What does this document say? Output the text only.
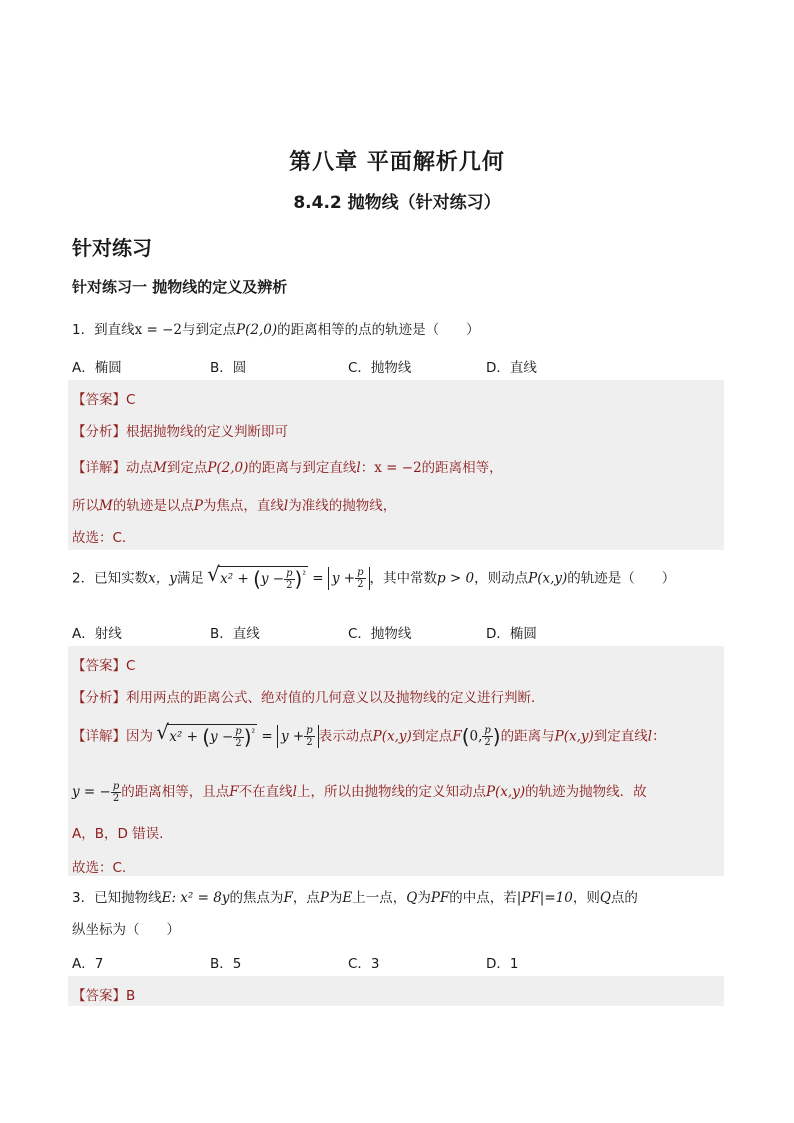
第八章 平面解析几何
8.4.2 抛物线（针对练习）
针对练习
针对练习一 抛物线的定义及辨析
1．到直线x = −2与到定点P(2,0)的距离相等的点的轨迹是（　　）
A．椭圆	B．圆	C．抛物线	D．直线
【答案】C
【分析】根据抛物线的定义判断即可
【详解】动点M到定点P(2,0)的距离与到定直线l：x = −2的距离相等，
所以M的轨迹是以点P为焦点，直线l为准线的抛物线，
故选：C．
2．已知实数x，y满足 √ $x^2 + (y - \frac{p}{2} )^{^2} = y + \frac{p}{2}$ ，其中常数p > 0，则动点P(x,y)的轨迹是（　　）
A．射线	B．直线	C．抛物线	D．椭圆
【答案】C
【分析】利用两点的距离公式、绝对值的几何意义以及抛物线的定义进行判断．
【详解】因为 √ $x^2 + (y - \frac{p}{2} )^{^2} = y + \frac{p}{2}$ 表示动点P(x,y)到定点F(0, $\frac{p}{2}$ )的距离与P(x,y)到定直线l：
y = − $\frac{p}{2}$ 的距离相等，且点F不在直线l上，所以由抛物线的定义知动点P(x,y)的轨迹为抛物线．故
A，B，D 错误.
故选：C.
3．已知抛物线E: x² = 8y的焦点为F，点P为E上一点，Q为PF的中点，若|PF|=10，则Q点的
纵坐标为（　　）
A．7	B．5	C．3	D．1
【答案】B
